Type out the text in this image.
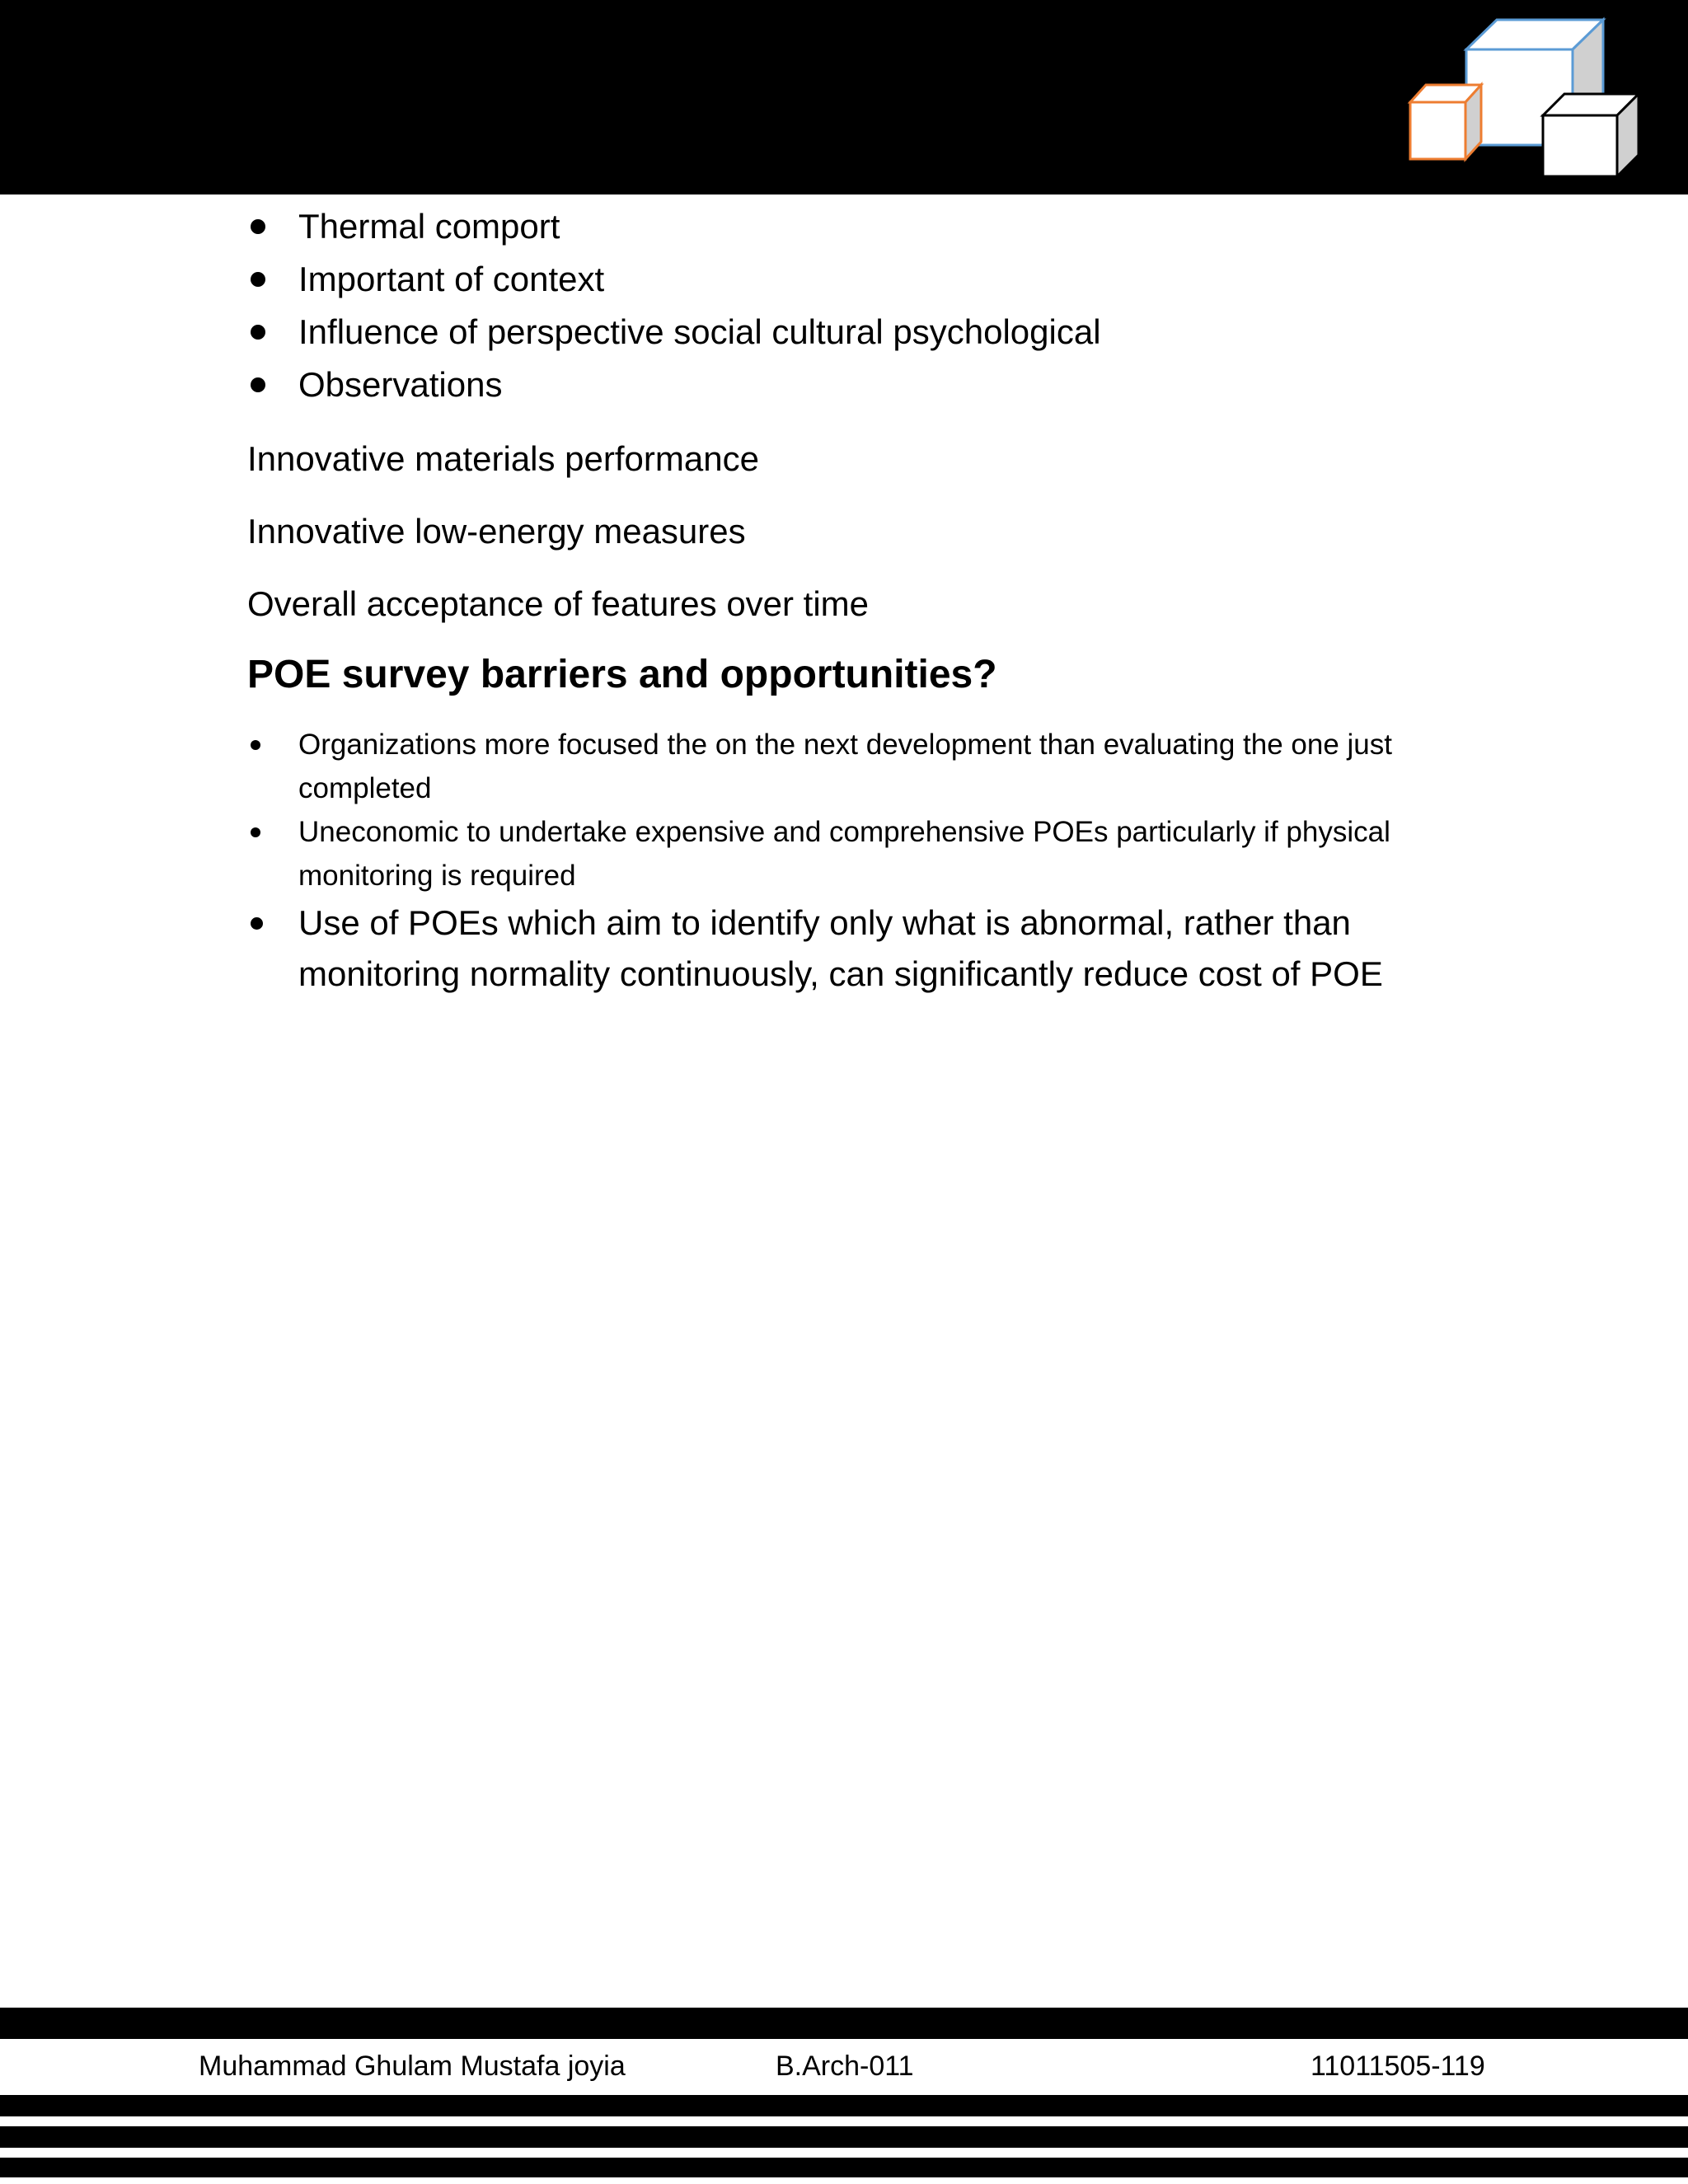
Thermal comport
Important of context
Influence of perspective social cultural psychological
Observations

Innovative materials performance

Innovative low-energy measures

Overall acceptance of features over time

POE survey barriers and opportunities?
Organizations more focused the on the next development than evaluating the one just completed
Uneconomic to undertake expensive and comprehensive POEs particularly if physical monitoring is required
Use of POEs which aim to identify only what is abnormal, rather than monitoring normality continuously, can significantly reduce cost of POE
Muhammad Ghulam Mustafa joyia	B.Arch-011	11011505-119
